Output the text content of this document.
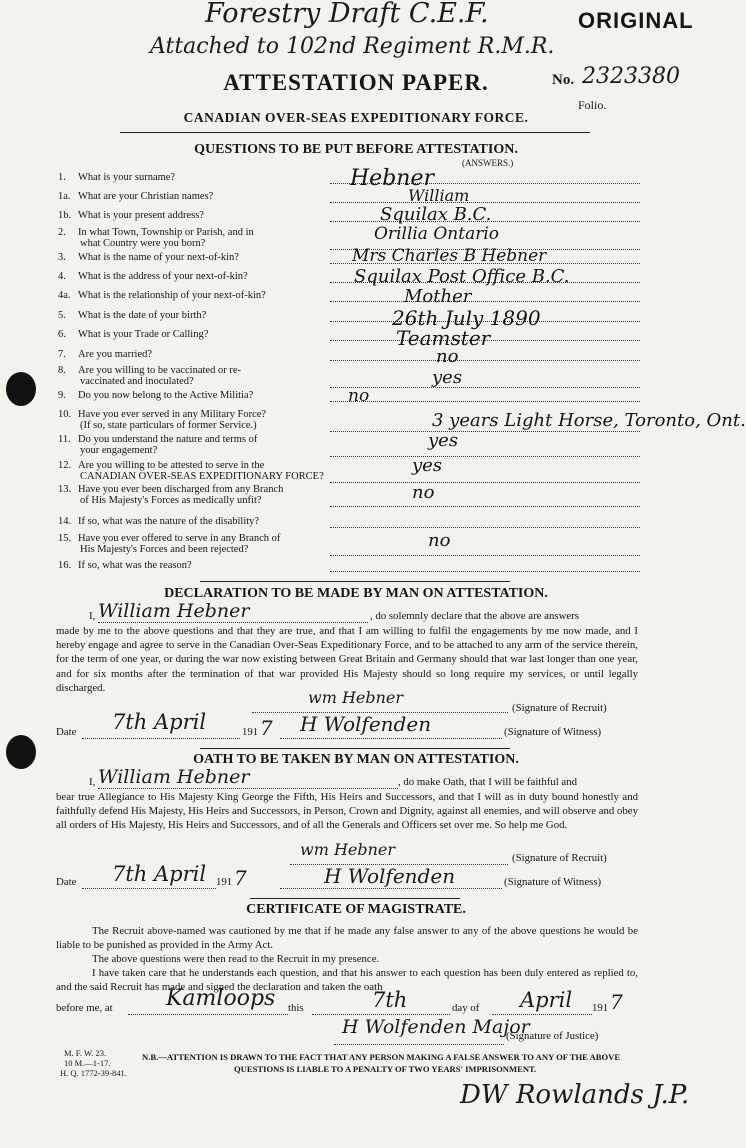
Forestry Draft C.E.F.
Attached to 102nd Regiment R.M.R.
ORIGINAL
ATTESTATION PAPER.	No. 2323380
Folio.
CANADIAN OVER-SEAS EXPEDITIONARY FORCE.
QUESTIONS TO BE PUT BEFORE ATTESTATION.
(ANSWERS.)
DECLARATION TO BE MADE BY MAN ON ATTESTATION.
I, William Hebner	, do solemnly declare that the above are answers
made by me to the above questions and that they are true, and that I am willing to fulfil the engagements by me now made, and I hereby engage and agree to serve in the Canadian Over-Seas Expeditionary Force, and to be attached to any arm of the service therein, for the term of one year, or during the war now existing between Great Britain and Germany should that war last longer than one year, and for six months after the termination of that war provided His Majesty should so long require my services, or until legally discharged.
wm Hebner
(Signature of Recruit)
Date 7th April	191 7 H Wolfenden	(Signature of Witness)
OATH TO BE TAKEN BY MAN ON ATTESTATION.
I, William Hebner	, do make Oath, that I will be faithful and
bear true Allegiance to His Majesty King George the Fifth, His Heirs and Successors, and that I will as in duty bound honestly and faithfully defend His Majesty, His Heirs and Successors, in Person, Crown and Dignity, against all enemies, and will observe and obey all orders of His Majesty, His Heirs and Successors, and of all the Generals and Officers set over me. So help me God.
wm Hebner	(Signature of Recruit)
Date 7th April 191 7	H Wolfenden	(Signature of Witness)
CERTIFICATE OF MAGISTRATE.
The Recruit above-named was cautioned by me that if he made any false answer to any of the above questions he would be liable to be punished as provided in the Army Act.
The above questions were then read to the Recruit in my presence.
I have taken care that he understands each question, and that his answer to each question has been duly entered as replied to, and the said Recruit has made and signed the declaration and taken the oath
before me, at Kamloops this	7th	day of April 191 7
H Wolfenden Major
(Signature of Justice)
M. F. W. 23.
10 M.—1-17.
H. Q. 1772-39-841.
N.B.—ATTENTION IS DRAWN TO THE FACT THAT ANY PERSON MAKING A FALSE ANSWER TO ANY OF THE ABOVE
QUESTIONS IS LIABLE TO A PENALTY OF TWO YEARS' IMPRISONMENT.
DW Rowlands J.P.
1. What is your surname?	Hebner
1a. What are your Christian names?	William
1b. What is your present address?	Squilax B.C.
2. In what Town, Township or Parish, and in
what Country were you born?	Orillia Ontario
3. What is the name of your next-of-kin?	Mrs Charles B Hebner
4. What is the address of your next-of-kin?	Squilax Post Office B.C.
4a. What is the relationship of your next-of-kin?	Mother
5. What is the date of your birth?	26th July 1890
6. What is your Trade or Calling?	Teamster
7. Are you married?	no
8. Are you willing to be vaccinated or re-
vaccinated and inoculated?	yes
9. Do you now belong to the Active Militia?	no
10. Have you ever served in any Military Force?
(If so, state particulars of former Service.)	3 years Light Horse, Toronto, Ont.
11. Do you understand the nature and terms of
your engagement?	yes
12. Are you willing to be attested to serve in the
CANADIAN OVER-SEAS EXPEDITIONARY FORCE?
yes
13. Have you ever been discharged from any Branch
of His Majesty's Forces as medically unfit?	no
14. If so, what was the nature of the disability?
15. Have you ever offered to serve in any Branch of
His Majesty's Forces and been rejected?	no
16. If so, what was the reason?
